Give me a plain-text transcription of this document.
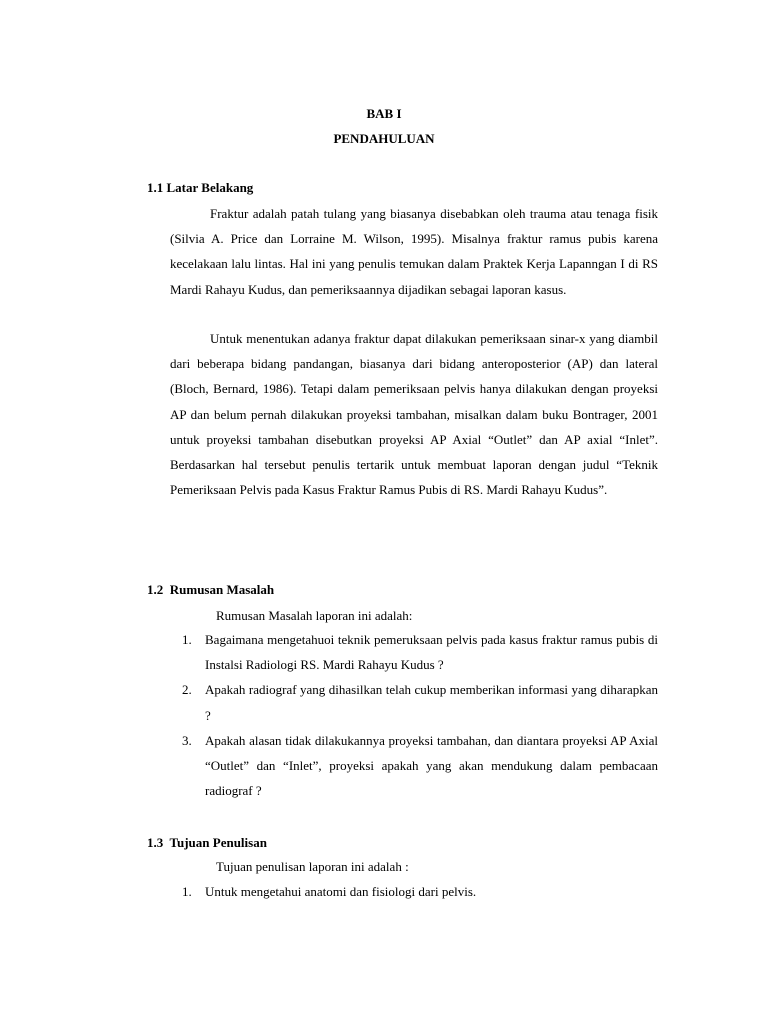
BAB I
PENDAHULUAN
1.1 Latar Belakang

Fraktur adalah patah tulang yang biasanya disebabkan oleh trauma atau tenaga fisik (Silvia A. Price dan Lorraine M. Wilson, 1995). Misalnya fraktur ramus pubis karena kecelakaan lalu lintas. Hal ini yang penulis temukan dalam Praktek Kerja Lapanngan I di RS Mardi Rahayu Kudus, dan pemeriksaannya dijadikan sebagai laporan kasus.

Untuk menentukan adanya fraktur dapat dilakukan pemeriksaan sinar-x yang diambil dari beberapa bidang pandangan, biasanya dari bidang anteroposterior (AP) dan lateral (Bloch, Bernard, 1986). Tetapi dalam pemeriksaan pelvis hanya dilakukan dengan proyeksi AP dan belum pernah dilakukan proyeksi tambahan, misalkan dalam buku Bontrager, 2001 untuk proyeksi tambahan disebutkan proyeksi AP Axial “Outlet” dan AP axial “Inlet”. Berdasarkan hal tersebut penulis tertarik untuk membuat laporan dengan judul “Teknik Pemeriksaan Pelvis pada Kasus Fraktur Ramus Pubis di RS. Mardi Rahayu Kudus”.

1.2  Rumusan Masalah

Rumusan Masalah laporan ini adalah:

1. Bagaimana mengetahuoi teknik pemeruksaan pelvis pada kasus fraktur ramus pubis di Instalsi Radiologi RS. Mardi Rahayu Kudus ?

2. Apakah radiograf yang dihasilkan telah cukup memberikan informasi yang diharapkan ?

3. Apakah alasan tidak dilakukannya proyeksi tambahan, dan diantara proyeksi AP Axial “Outlet” dan “Inlet”, proyeksi apakah yang akan mendukung dalam pembacaan radiograf ?

1.3  Tujuan Penulisan

Tujuan penulisan laporan ini adalah :

1. Untuk mengetahui anatomi dan fisiologi dari pelvis.
